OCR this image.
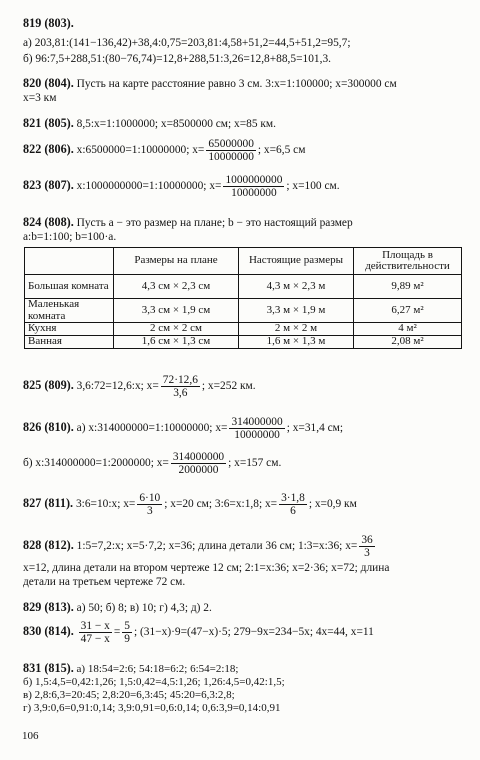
819 (803).
а) 203,81:(141−136,42)+38,4:0,75=203,81:4,58+51,2=44,5+51,2=95,7;
б) 96:7,5+288,51:(80−76,74)=12,8+288,51:3,26=12,8+88,5=101,3.
820 (804). Пусть на карте расстояние равно 3 см. 3:x=1:100000; x=300000 см
x=3 км
821 (805). 8,5:x=1:1000000; x=8500000 см; x=85 км.
822 (806). x:6500000=1:10000000; $x= \frac{65000000}{10000000}$ ; x=6,5 см
823 (807). x:1000000000=1:10000000; $x= \frac{1000000000}{10000000}$ ; x=100 см.
824 (808). Пусть a − это размер на плане; b − это настоящий размер
a:b=1:100; b=100·a.
	Размеры на плане	Настоящие размеры	Площадь в действительности
Большая комната	4,3 см × 2,3 см	4,3 м × 2,3 м	9,89 м²
Маленькая комната	3,3 см × 1,9 см	3,3 м × 1,9 м	6,27 м²
Кухня	2 см × 2 см	2 м × 2 м	4 м²
Ванная	1,6 см × 1,3 см	1,6 м × 1,3 м	2,08 м²
825 (809). 3,6:72=12,6:x; $x= \frac{72\cdot 12,6}{3,6}$ ; x=252 км.
826 (810). а) x:314000000=1:10000000; $x= \frac{314000000}{10000000}$ ; x=31,4 см;
б) x:314000000=1:2000000; $x= \frac{314000000}{2000000}$ ; x=157 см.
827 (811). 3:6=10:x; $x= \frac{6\cdot 10}{3}$ ; x=20 см; 3:6=x:1,8; $x= \frac{3\cdot 1,8}{6}$ ; x=0,9 км
828 (812). 1:5=7,2:x; x=5·7,2; x=36; длина детали 36 см; 1:3=x:36; $x= \frac{36}{3}$
x=12, длина детали на втором чертеже 12 см; 2:1=x:36; x=2·36; x=72; длина
детали на третьем чертеже 72 см.
829 (813). а) 50; б) 8; в) 10; г) 4,3; д) 2.
830 (814). $\frac{31 - x}{47 - x} = \frac{5}{9}$ ; (31−x)·9=(47−x)·5; 279−9x=234−5x; 4x=44, x=11
831 (815). а) 18:54=2:6; 54:18=6:2; 6:54=2:18;
б) 1,5:4,5=0,42:1,26; 1,5:0,42=4,5:1,26; 1,26:4,5=0,42:1,5;
в) 2,8:6,3=20:45; 2,8:20=6,3:45; 45:20=6,3:2,8;
г) 3,9:0,6=0,91:0,14; 3,9:0,91=0,6:0,14; 0,6:3,9=0,14:0,91
106
